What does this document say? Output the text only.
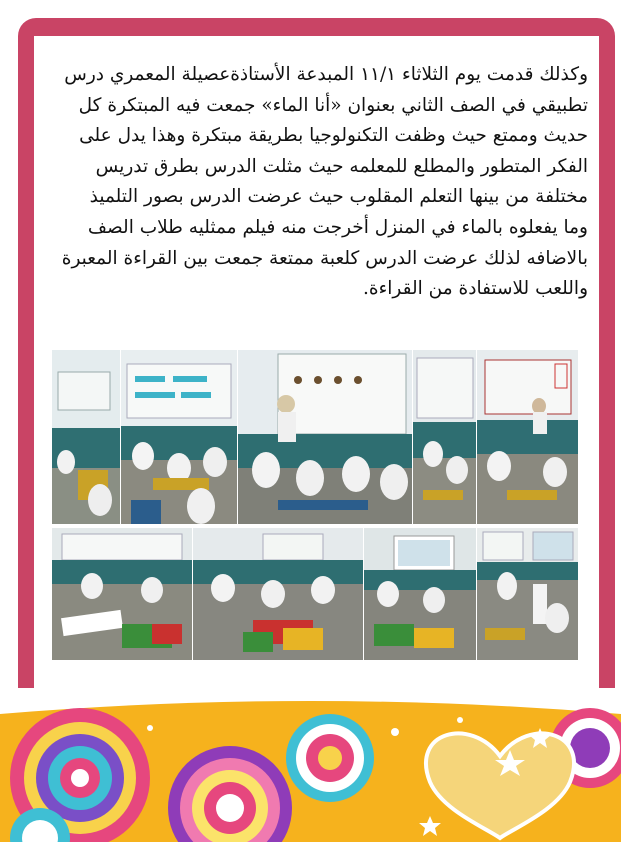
وكذلك قدمت يوم الثلاثاء ١١/١ المبدعة الأستاذةعصيلة المعمري درس

تطبيقي في الصف الثاني بعنوان «أنا الماء» جمعت فيه المبتكرة كل

حديث وممتع حيث وظفت التكنولوجيا بطريقة مبتكرة وهذا يدل على

الفكر المتطور والمطلع للمعلمه حيث مثلت الدرس بطرق تدريس

مختلفة من بينها التعلم المقلوب حيث عرضت الدرس بصور التلميذ

وما يفعلوه بالماء في المنزل أخرجت منه فيلم ممثليه طلاب الصف

بالاضافه لذلك عرضت الدرس كلعبة ممتعة جمعت بين القراءة المعبرة

واللعب للاستفادة من القراءة.
